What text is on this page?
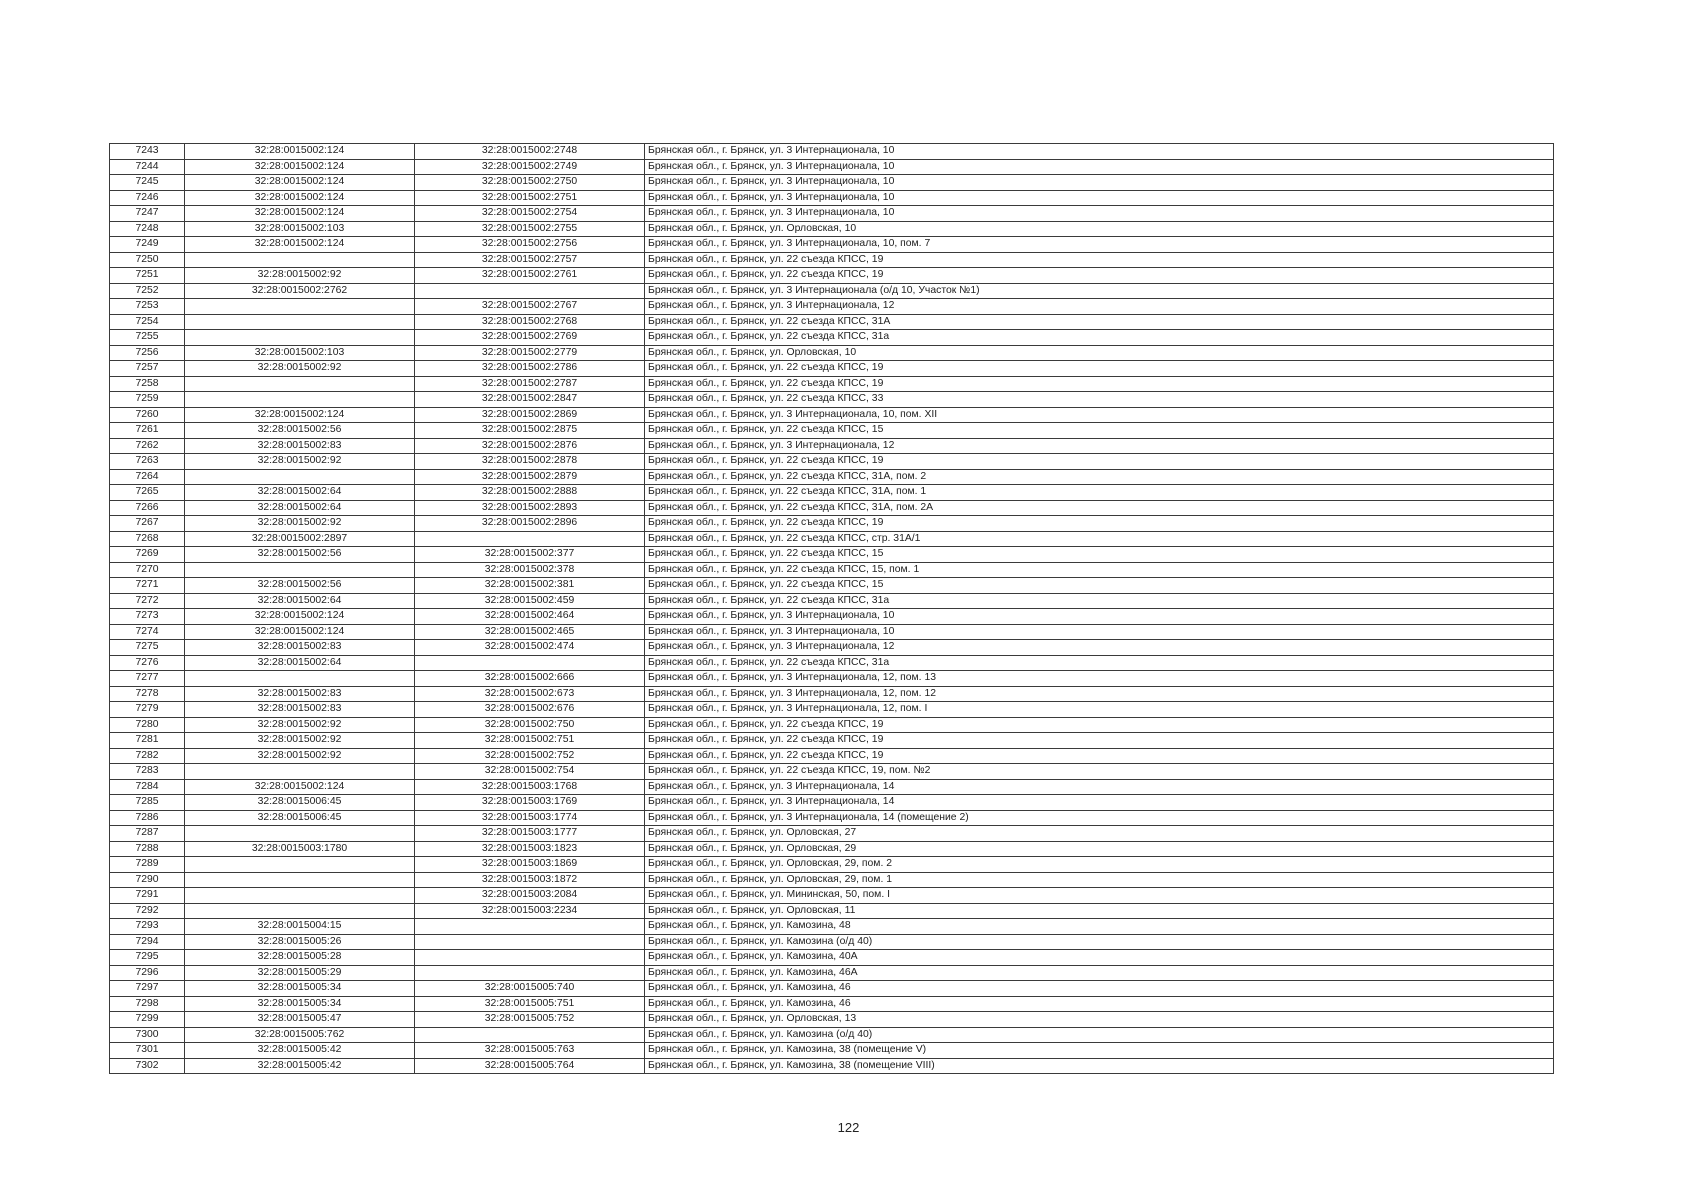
7243	32:28:0015002:124	32:28:0015002:2748	Брянская обл., г. Брянск, ул. 3 Интернационала, 10
7244	32:28:0015002:124	32:28:0015002:2749	Брянская обл., г. Брянск, ул. 3 Интернационала, 10
7245	32:28:0015002:124	32:28:0015002:2750	Брянская обл., г. Брянск, ул. 3 Интернационала, 10
7246	32:28:0015002:124	32:28:0015002:2751	Брянская обл., г. Брянск, ул. 3 Интернационала, 10
7247	32:28:0015002:124	32:28:0015002:2754	Брянская обл., г. Брянск, ул. 3 Интернационала, 10
7248	32:28:0015002:103	32:28:0015002:2755	Брянская обл., г. Брянск, ул. Орловская, 10
7249	32:28:0015002:124	32:28:0015002:2756	Брянская обл., г. Брянск, ул. 3 Интернационала, 10, пом. 7
7250		32:28:0015002:2757	Брянская обл., г. Брянск, ул. 22 съезда КПСС, 19
7251	32:28:0015002:92	32:28:0015002:2761	Брянская обл., г. Брянск, ул. 22 съезда КПСС, 19
7252	32:28:0015002:2762		Брянская обл., г. Брянск, ул. 3 Интернационала (о/д 10, Участок №1)
7253		32:28:0015002:2767	Брянская обл., г. Брянск, ул. 3 Интернационала, 12
7254		32:28:0015002:2768	Брянская обл., г. Брянск, ул. 22 съезда КПСС, 31А
7255		32:28:0015002:2769	Брянская обл., г. Брянск, ул. 22 съезда КПСС, 31а
7256	32:28:0015002:103	32:28:0015002:2779	Брянская обл., г. Брянск, ул. Орловская, 10
7257	32:28:0015002:92	32:28:0015002:2786	Брянская обл., г. Брянск, ул. 22 съезда КПСС, 19
7258		32:28:0015002:2787	Брянская обл., г. Брянск, ул. 22 съезда КПСС, 19
7259		32:28:0015002:2847	Брянская обл., г. Брянск, ул. 22 съезда КПСС, 33
7260	32:28:0015002:124	32:28:0015002:2869	Брянская обл., г. Брянск, ул. 3 Интернационала, 10, пом. XII
7261	32:28:0015002:56	32:28:0015002:2875	Брянская обл., г. Брянск, ул. 22 съезда КПСС, 15
7262	32:28:0015002:83	32:28:0015002:2876	Брянская обл., г. Брянск, ул. 3 Интернационала, 12
7263	32:28:0015002:92	32:28:0015002:2878	Брянская обл., г. Брянск, ул. 22 съезда КПСС, 19
7264		32:28:0015002:2879	Брянская обл., г. Брянск, ул. 22 съезда КПСС, 31А, пом. 2
7265	32:28:0015002:64	32:28:0015002:2888	Брянская обл., г. Брянск, ул. 22 съезда КПСС, 31А, пом. 1
7266	32:28:0015002:64	32:28:0015002:2893	Брянская обл., г. Брянск, ул. 22 съезда КПСС, 31А, пом. 2А
7267	32:28:0015002:92	32:28:0015002:2896	Брянская обл., г. Брянск, ул. 22 съезда КПСС, 19
7268	32:28:0015002:2897		Брянская обл., г. Брянск, ул. 22 съезда КПСС, стр. 31А/1
7269	32:28:0015002:56	32:28:0015002:377	Брянская обл., г. Брянск, ул. 22 съезда КПСС, 15
7270		32:28:0015002:378	Брянская обл., г. Брянск, ул. 22 съезда КПСС, 15, пом. 1
7271	32:28:0015002:56	32:28:0015002:381	Брянская обл., г. Брянск, ул. 22 съезда КПСС, 15
7272	32:28:0015002:64	32:28:0015002:459	Брянская обл., г. Брянск, ул. 22 съезда КПСС, 31а
7273	32:28:0015002:124	32:28:0015002:464	Брянская обл., г. Брянск, ул. 3 Интернационала, 10
7274	32:28:0015002:124	32:28:0015002:465	Брянская обл., г. Брянск, ул. 3 Интернационала, 10
7275	32:28:0015002:83	32:28:0015002:474	Брянская обл., г. Брянск, ул. 3 Интернационала, 12
7276	32:28:0015002:64		Брянская обл., г. Брянск, ул. 22 съезда КПСС, 31а
7277		32:28:0015002:666	Брянская обл., г. Брянск, ул. 3 Интернационала, 12, пом. 13
7278	32:28:0015002:83	32:28:0015002:673	Брянская обл., г. Брянск, ул. 3 Интернационала, 12, пом. 12
7279	32:28:0015002:83	32:28:0015002:676	Брянская обл., г. Брянск, ул. 3 Интернационала, 12, пом. I
7280	32:28:0015002:92	32:28:0015002:750	Брянская обл., г. Брянск, ул. 22 съезда КПСС, 19
7281	32:28:0015002:92	32:28:0015002:751	Брянская обл., г. Брянск, ул. 22 съезда КПСС, 19
7282	32:28:0015002:92	32:28:0015002:752	Брянская обл., г. Брянск, ул. 22 съезда КПСС, 19
7283		32:28:0015002:754	Брянская обл., г. Брянск, ул. 22 съезда КПСС, 19, пом. №2
7284	32:28:0015002:124	32:28:0015003:1768	Брянская обл., г. Брянск, ул. 3 Интернационала, 14
7285	32:28:0015006:45	32:28:0015003:1769	Брянская обл., г. Брянск, ул. 3 Интернационала, 14
7286	32:28:0015006:45	32:28:0015003:1774	Брянская обл., г. Брянск, ул. 3 Интернационала, 14 (помещение 2)
7287		32:28:0015003:1777	Брянская обл., г. Брянск, ул. Орловская, 27
7288	32:28:0015003:1780	32:28:0015003:1823	Брянская обл., г. Брянск, ул. Орловская, 29
7289		32:28:0015003:1869	Брянская обл., г. Брянск, ул. Орловская, 29, пом. 2
7290		32:28:0015003:1872	Брянская обл., г. Брянск, ул. Орловская, 29, пом. 1
7291		32:28:0015003:2084	Брянская обл., г. Брянск, ул. Мининская, 50, пом. I
7292		32:28:0015003:2234	Брянская обл., г. Брянск, ул. Орловская, 11
7293	32:28:0015004:15		Брянская обл., г. Брянск, ул. Камозина, 48
7294	32:28:0015005:26		Брянская обл., г. Брянск, ул. Камозина (о/д 40)
7295	32:28:0015005:28		Брянская обл., г. Брянск, ул. Камозина, 40А
7296	32:28:0015005:29		Брянская обл., г. Брянск, ул. Камозина, 46А
7297	32:28:0015005:34	32:28:0015005:740	Брянская обл., г. Брянск, ул. Камозина, 46
7298	32:28:0015005:34	32:28:0015005:751	Брянская обл., г. Брянск, ул. Камозина, 46
7299	32:28:0015005:47	32:28:0015005:752	Брянская обл., г. Брянск, ул. Орловская, 13
7300	32:28:0015005:762		Брянская обл., г. Брянск, ул. Камозина (о/д 40)
7301	32:28:0015005:42	32:28:0015005:763	Брянская обл., г. Брянск, ул. Камозина, 38 (помещение V)
7302	32:28:0015005:42	32:28:0015005:764	Брянская обл., г. Брянск, ул. Камозина, 38 (помещение VIII)
122
